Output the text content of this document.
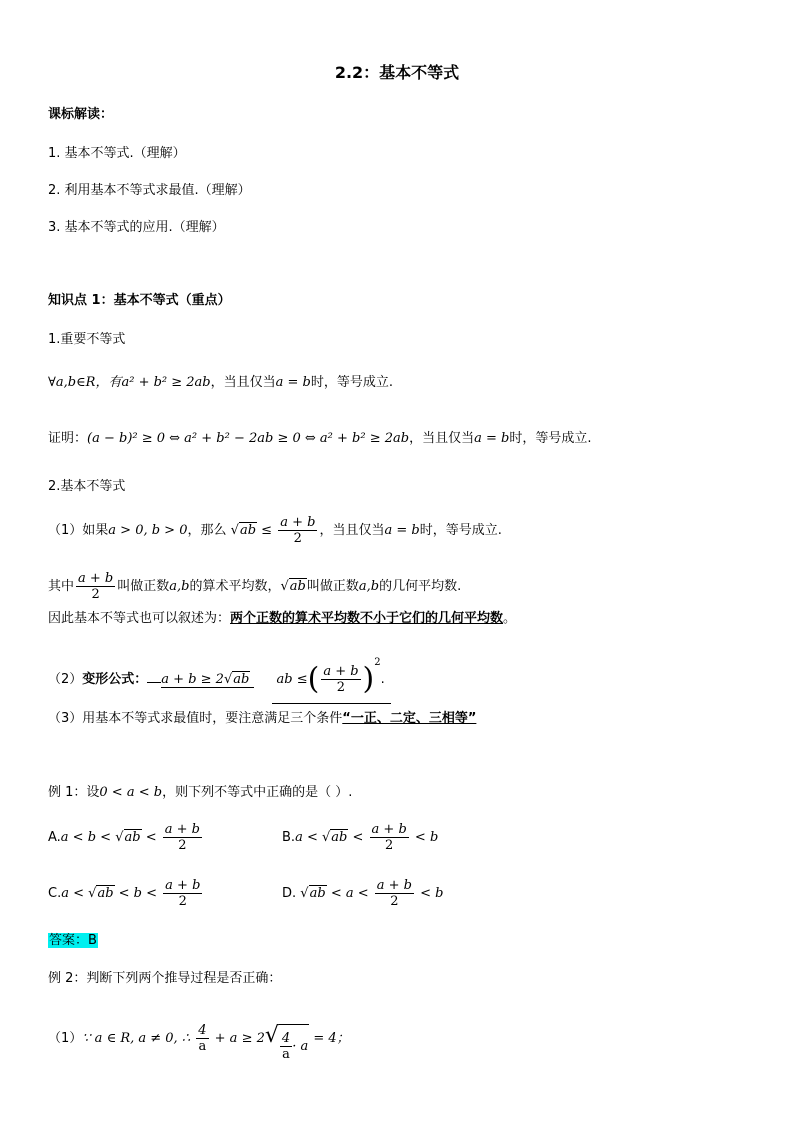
2.2：基本不等式
课标解读：
1. 基本不等式.（理解）
2. 利用基本不等式求最值.（理解）
3. 基本不等式的应用.（理解）
知识点 1：基本不等式（重点）
1.重要不等式
∀a,b∈R，有a² + b² ≥ 2ab，当且仅当a = b时，等号成立.
证明：(a − b)² ≥ 0 ⇔ a² + b² − 2ab ≥ 0 ⇔ a² + b² ≥ 2ab，当且仅当a = b时，等号成立.
2.基本不等式
（1）如果a > 0, b > 0，那么 $√ab \le \frac{a + b}{2}$ ，当且仅当a = b时，等号成立.
其中 $\frac{a + b}{2}$ 叫做正数a,b的算术平均数，√ab叫做正数a,b的几何平均数.
因此基本不等式也可以叙述为：两个正数的算术平均数不小于它们的几何平均数。
（2）变形公式： a + b ≥ 2√ab ab ≤( $\frac{a + b}{2} )^2$.
（3）用基本不等式求最值时，要注意满足三个条件“一正、二定、三相等”
例 1：设0 < a < b，则下列不等式中正确的是（ ）.
$A.a < b < √ab < \frac{a + b}{2}$	$B.a < √ab < \frac{a + b}{2} < b$
$C.a < √ab < b < \frac{a + b}{2}$	D. $√ab < a < \frac{a + b}{2} < b$
答案：B
例 2：判断下列两个推导过程是否正确：
（1）∵ a ∈ R, a ≠ 0, ∴ $\frac{4}{a} + a \ge 2√ \frac{4}{a} \cdot a = 4$；
